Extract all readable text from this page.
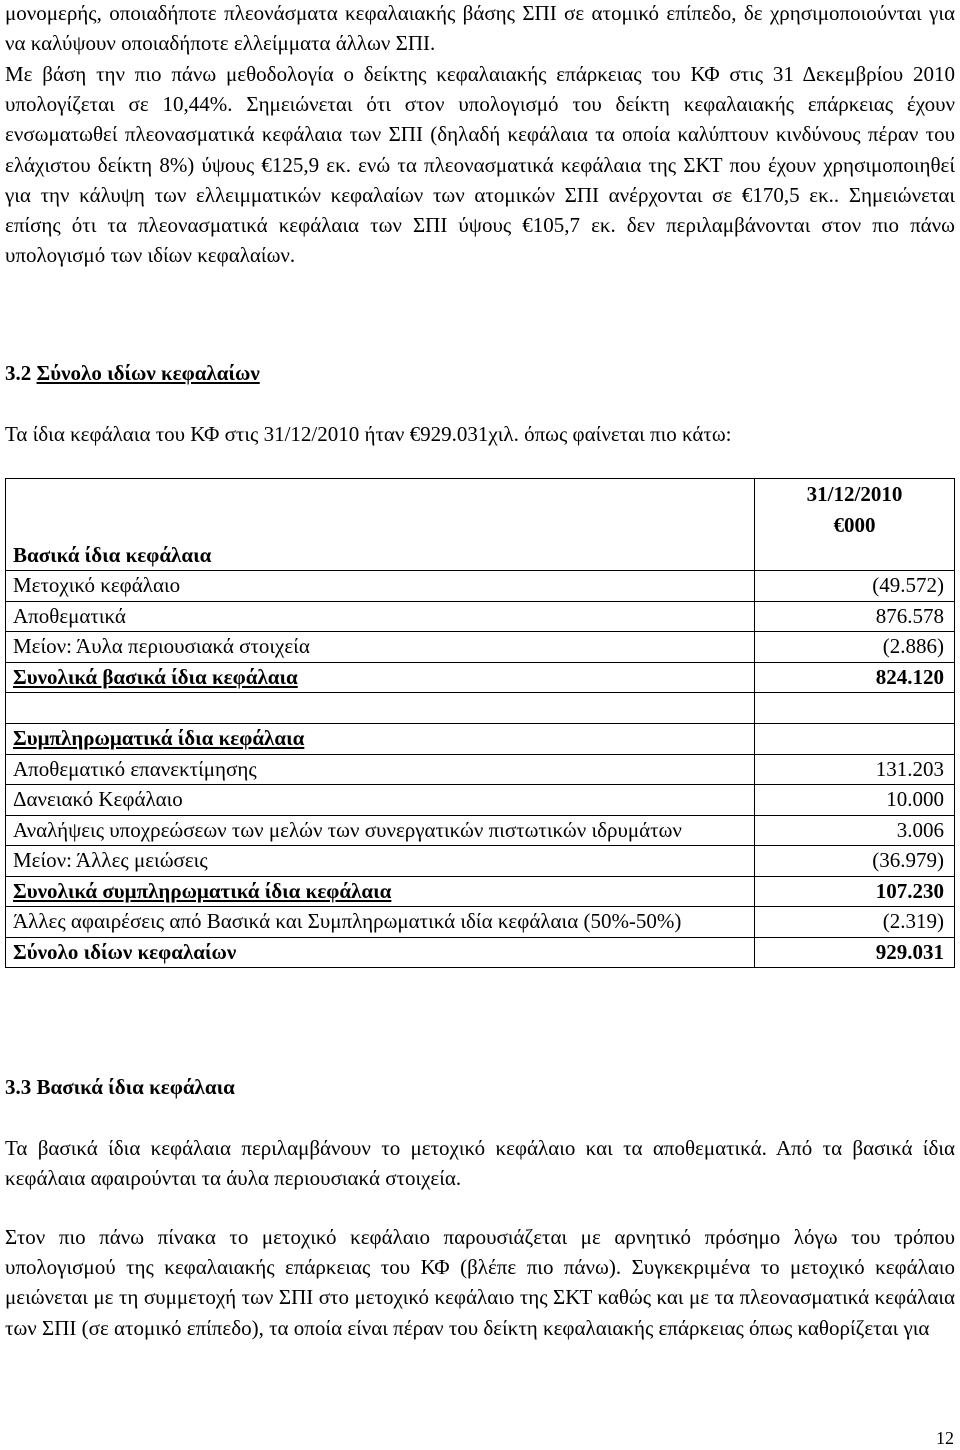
μονομερής, οποιαδήποτε πλεονάσματα κεφαλαιακής βάσης ΣΠΙ σε ατομικό επίπεδο, δε χρησιμοποιούνται για να καλύψουν οποιαδήποτε ελλείμματα άλλων ΣΠΙ.

Με βάση την πιο πάνω μεθοδολογία ο δείκτης κεφαλαιακής επάρκειας του ΚΦ στις 31 Δεκεμβρίου 2010 υπολογίζεται σε 10,44%. Σημειώνεται ότι στον υπολογισμό του δείκτη κεφαλαιακής επάρκειας έχουν ενσωματωθεί πλεονασματικά κεφάλαια των ΣΠΙ (δηλαδή κεφάλαια τα οποία καλύπτουν κινδύνους πέραν του ελάχιστου δείκτη 8%) ύψους €125,9 εκ. ενώ τα πλεονασματικά κεφάλαια της ΣΚΤ που έχουν χρησιμοποιηθεί για την κάλυψη των ελλειμματικών κεφαλαίων των ατομικών ΣΠΙ ανέρχονται σε €170,5 εκ.. Σημειώνεται επίσης ότι τα πλεονασματικά κεφάλαια των ΣΠΙ ύψους €105,7 εκ. δεν περιλαμβάνονται στον πιο πάνω υπολογισμό των ιδίων κεφαλαίων.

3.2 Σύνολο ιδίων κεφαλαίων

Τα ίδια κεφάλαια του ΚΦ στις 31/12/2010 ήταν €929.031χιλ. όπως φαίνεται πιο κάτω:

Βασικά ίδια κεφάλαια	31/12/2010
€000

Μετοχικό κεφάλαιο	(49.572)
Αποθεματικά	876.578
Μείον: Άυλα περιουσιακά στοιχεία	(2.886)
Συνολικά βασικά ίδια κεφάλαια	824.120

Συμπληρωματικά ίδια κεφάλαια	
Αποθεματικό επανεκτίμησης	131.203
Δανειακό Κεφάλαιο	10.000
Αναλήψεις υποχρεώσεων των μελών των συνεργατικών πιστωτικών ιδρυμάτων	3.006
Μείον: Άλλες μειώσεις	(36.979)
Συνολικά συμπληρωματικά ίδια κεφάλαια	107.230
Άλλες αφαιρέσεις από Βασικά και Συμπληρωματικά ιδία κεφάλαια (50%-50%)	(2.319)
Σύνολο ιδίων κεφαλαίων	929.031
3.3 Βασικά ίδια κεφάλαια

Τα βασικά ίδια κεφάλαια περιλαμβάνουν το μετοχικό κεφάλαιο και τα αποθεματικά. Από τα βασικά ίδια κεφάλαια αφαιρούνται τα άυλα περιουσιακά στοιχεία.

Στον πιο πάνω πίνακα το μετοχικό κεφάλαιο παρουσιάζεται με αρνητικό πρόσημο λόγω του τρόπου υπολογισμού της κεφαλαιακής επάρκειας του ΚΦ (βλέπε πιο πάνω). Συγκεκριμένα το μετοχικό κεφάλαιο μειώνεται με τη συμμετοχή των ΣΠΙ στο μετοχικό κεφάλαιο της ΣΚΤ καθώς και με τα πλεονασματικά κεφάλαια των ΣΠΙ (σε ατομικό επίπεδο), τα οποία είναι πέραν του δείκτη κεφαλαιακής επάρκειας όπως καθορίζεται για

12
